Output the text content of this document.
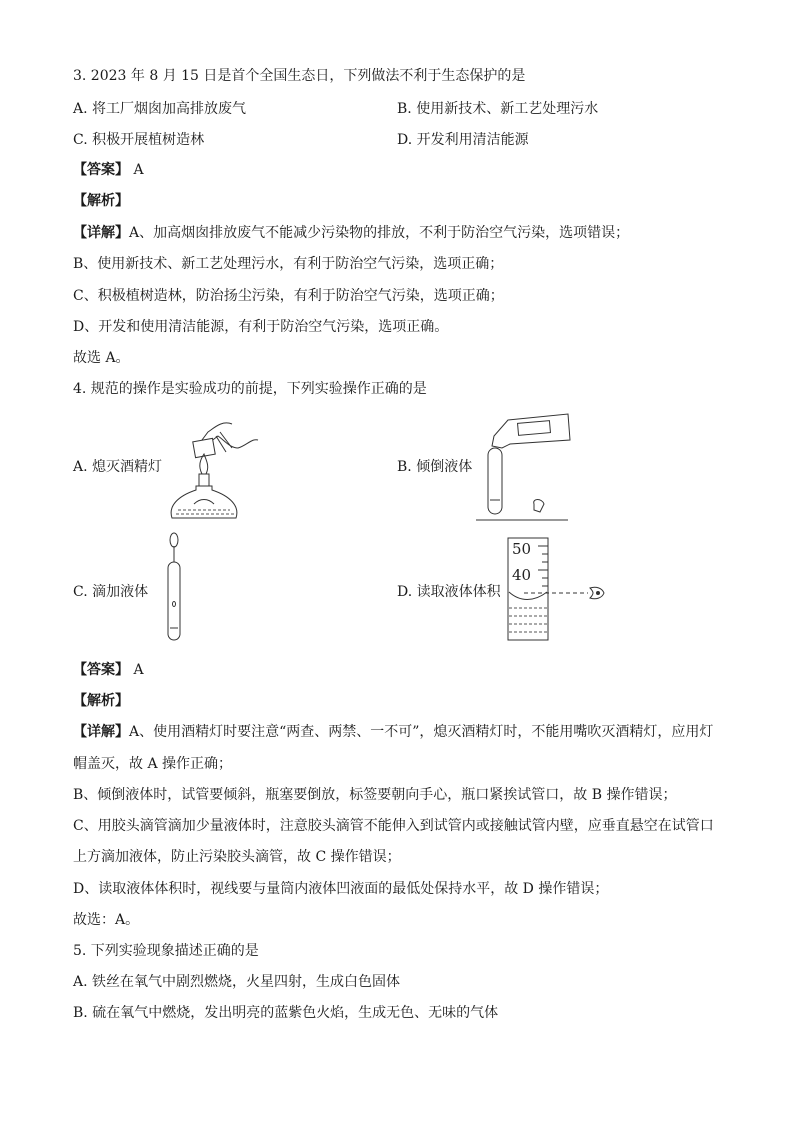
3. 2023 年 8 月 15 日是首个全国生态日，下列做法不利于生态保护的是
A. 将工厂烟囱加高排放废气	B. 使用新技术、新工艺处理污水
C. 积极开展植树造林	D. 开发利用清洁能源
【答案】 A
【解析】
【详解】A、加高烟囱排放废气不能减少污染物的排放，不利于防治空气污染，选项错误；
B、使用新技术、新工艺处理污水，有利于防治空气污染，选项正确；
C、积极植树造林，防治扬尘污染，有利于防治空气污染，选项正确；
D、开发和使用清洁能源，有利于防治空气污染，选项正确。
故选 A。
4. 规范的操作是实验成功的前提，下列实验操作正确的是
A. 熄灭酒精灯	B. 倾倒液体
C. 滴加液体
50
40
D. 读取液体体积
【答案】 A
【解析】
【详解】A、使用酒精灯时要注意“两查、两禁、一不可”，熄灭酒精灯时，不能用嘴吹灭酒精灯，应用灯
帽盖灭，故 A 操作正确；
B、倾倒液体时，试管要倾斜，瓶塞要倒放，标签要朝向手心，瓶口紧挨试管口，故 B 操作错误；
C、用胶头滴管滴加少量液体时，注意胶头滴管不能伸入到试管内或接触试管内壁，应垂直悬空在试管口
上方滴加液体，防止污染胶头滴管，故 C 操作错误；
D、读取液体体积时，视线要与量筒内液体凹液面的最低处保持水平，故 D 操作错误；
故选：A。
5. 下列实验现象描述正确的是
A. 铁丝在氧气中剧烈燃烧，火星四射，生成白色固体
B. 硫在氧气中燃烧，发出明亮的蓝紫色火焰，生成无色、无味的气体
